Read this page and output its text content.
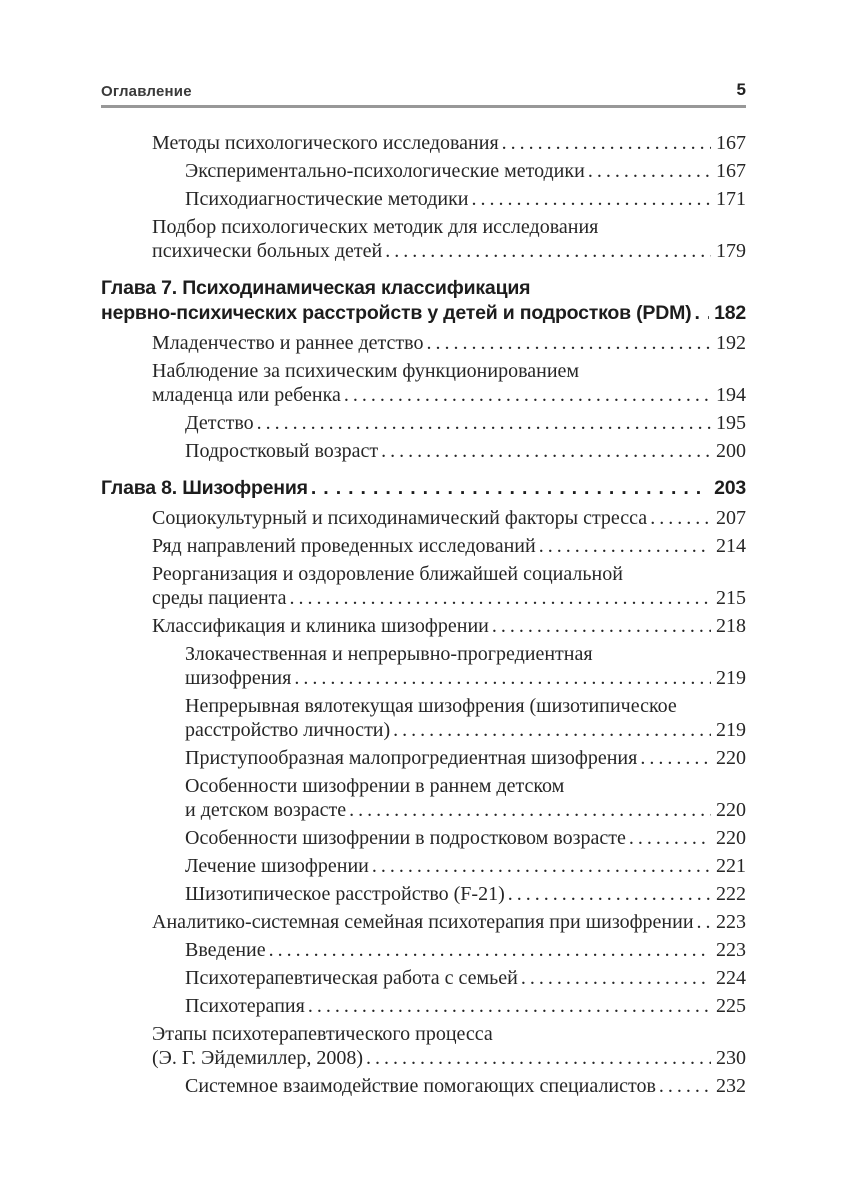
Оглавление	5
Методы психологического исследования .....	167
Экспериментально-психологические методики .....	167
Психодиагностические методики .....	171
Подбор психологических методик для исследования
психически больных детей .....	179
Глава 7. Психодинамическая классификация
нервно-психических расстройств у детей и подростков (PDM) ..... 182
Младенчество и раннее детство .....	192
Наблюдение за психическим функционированием
младенца или ребенка .....	194
Детство .....	195
Подростковый возраст .....	200
Глава 8. Шизофрения .....	203
Социокультурный и психодинамический факторы стресса .....	207
Ряд направлений проведенных исследований .....	214
Реорганизация и оздоровление ближайшей социальной
среды пациента .....	215
Классификация и клиника шизофрении .....	218
Злокачественная и непрерывно-прогредиентная
шизофрения .....	219
Непрерывная вялотекущая шизофрения (шизотипическое
расстройство личности) .....	219
Приступообразная малопрогредиентная шизофрения .....	220
Особенности шизофрении в раннем детском
и детском возрасте .....	220
Особенности шизофрении в подростковом возрасте .....	220
Лечение шизофрении .....	221
Шизотипическое расстройство (F-21) .....	222
Аналитико-системная семейная психотерапия при шизофрении ..... 223
Введение .....	223
Психотерапевтическая работа с семьей .....	224
Психотерапия .....	225
Этапы психотерапевтического процесса
(Э. Г. Эйдемиллер, 2008) .....	230
Системное взаимодействие помогающих специалистов .....	232
